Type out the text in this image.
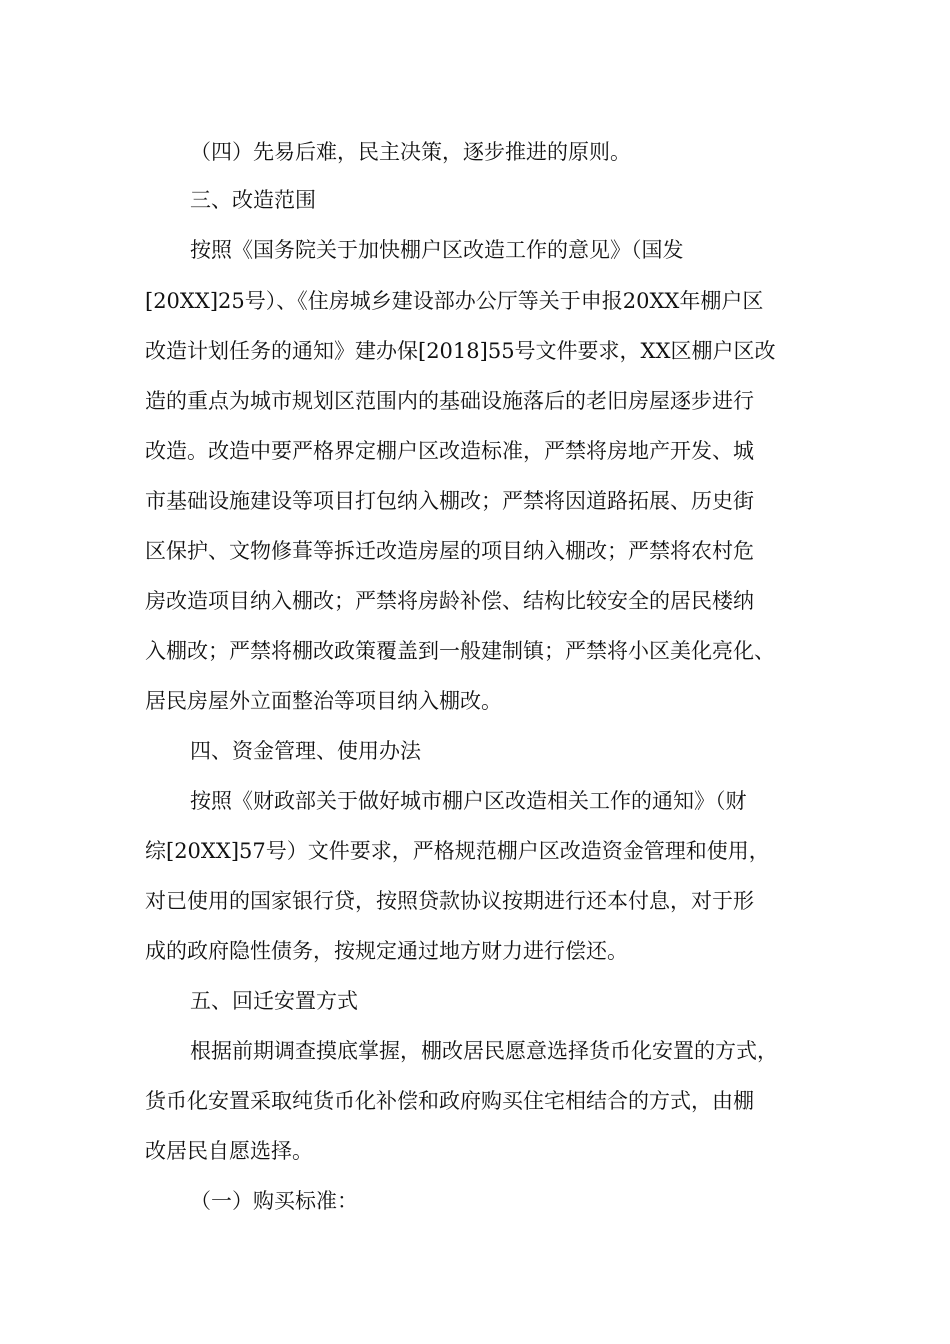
（四）先易后难，民主决策，逐步推进的原则。
三、改造范围
按照《国务院关于加快棚户区改造工作的意见》（国发
[20XX]25号）、《住房城乡建设部办公厅等关于申报20XX年棚户区
改造计划任务的通知》建办保[2018]55号文件要求，XX区棚户区改
造的重点为城市规划区范围内的基础设施落后的老旧房屋逐步进行
改造。改造中要严格界定棚户区改造标准，严禁将房地产开发、城
市基础设施建设等项目打包纳入棚改；严禁将因道路拓展、历史街
区保护、文物修葺等拆迁改造房屋的项目纳入棚改；严禁将农村危
房改造项目纳入棚改；严禁将房龄补偿、结构比较安全的居民楼纳
入棚改；严禁将棚改政策覆盖到一般建制镇；严禁将小区美化亮化、
居民房屋外立面整治等项目纳入棚改。
四、资金管理、使用办法
按照《财政部关于做好城市棚户区改造相关工作的通知》（财
综[20XX]57号）文件要求，严格规范棚户区改造资金管理和使用，
对已使用的国家银行贷，按照贷款协议按期进行还本付息，对于形
成的政府隐性债务，按规定通过地方财力进行偿还。
五、回迁安置方式
根据前期调查摸底掌握，棚改居民愿意选择货币化安置的方式，
货币化安置采取纯货币化补偿和政府购买住宅相结合的方式，由棚
改居民自愿选择。
（一）购买标准：
